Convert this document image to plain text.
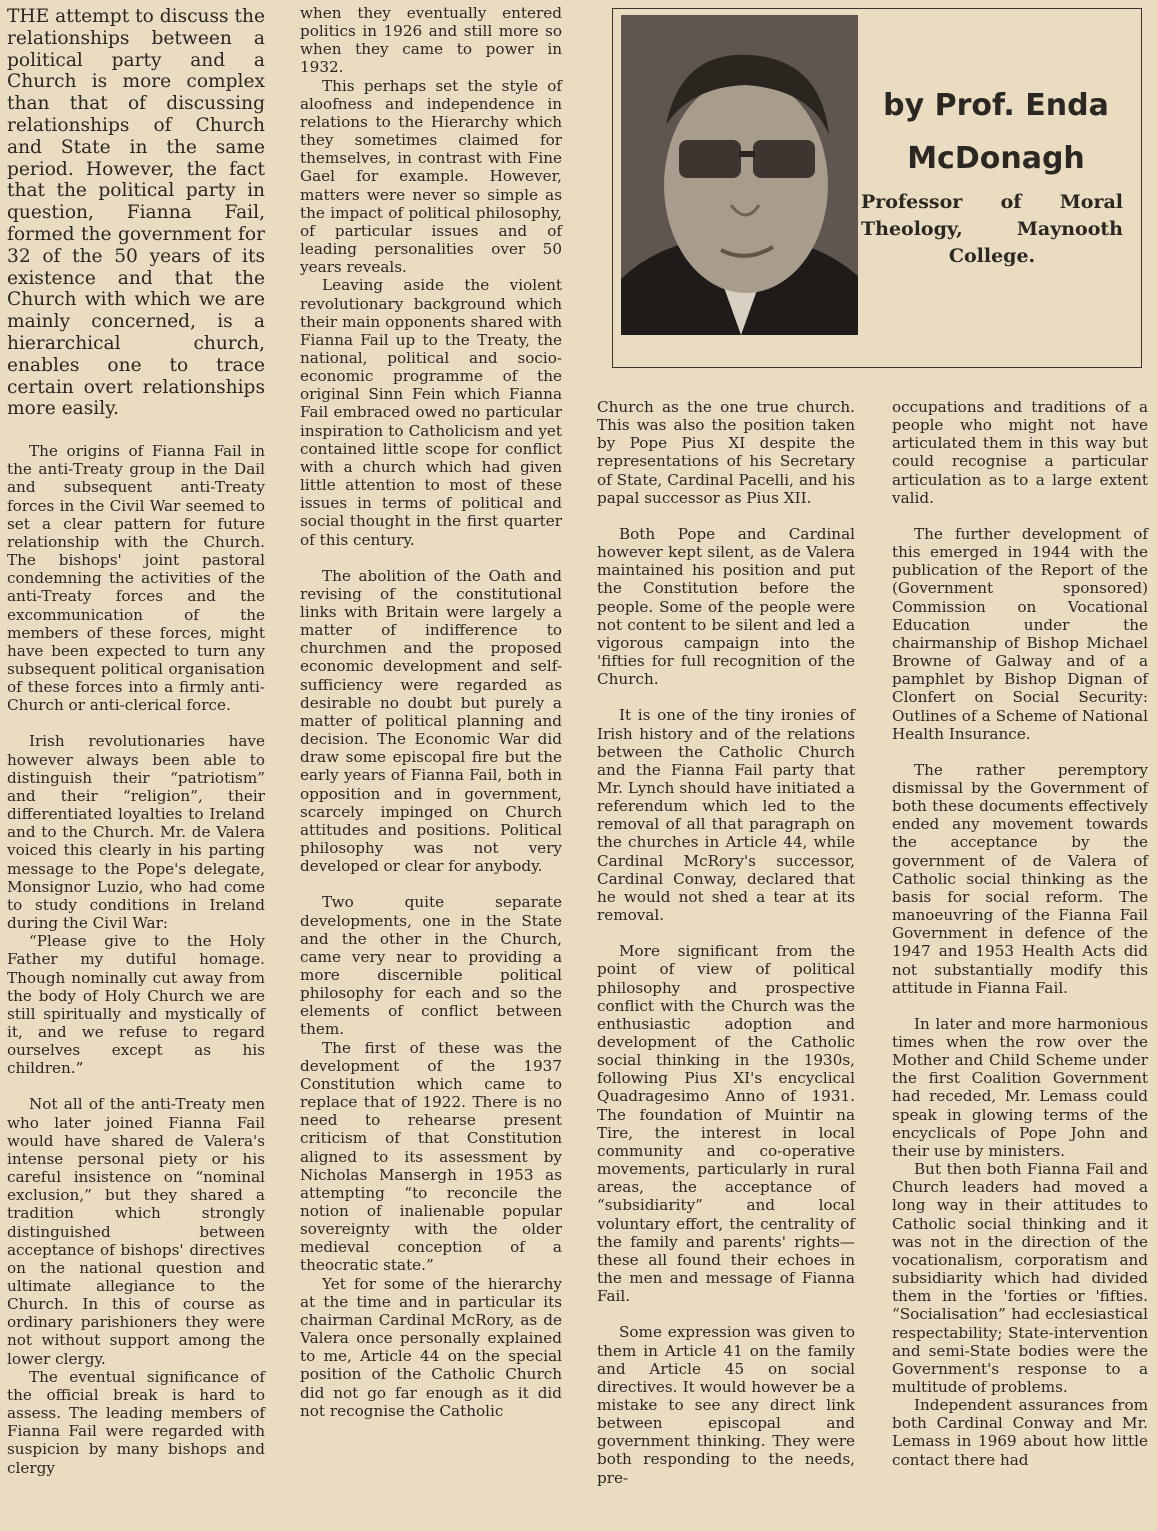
THE attempt to discuss the relationships between a political party and a Church is more complex than that of discussing relationships of Church and State in the same period. However, the fact that the political party in question, Fianna Fail, formed the government for 32 of the 50 years of its existence and that the Church with which we are mainly concerned, is a hierarchical church, enables one to trace certain overt relationships more easily.

The origins of Fianna Fail in the anti-Treaty group in the Dail and subsequent anti-Treaty forces in the Civil War seemed to set a clear pattern for future relationship with the Church. The bishops' joint pastoral condemning the activities of the anti-Treaty forces and the excommunication of the members of these forces, might have been expected to turn any subsequent political organisation of these forces into a firmly anti-Church or anti-clerical force.

Irish revolutionaries have however always been able to distinguish their “patriotism” and their “religion”, their differentiated loyalties to Ireland and to the Church. Mr. de Valera voiced this clearly in his parting message to the Pope's delegate, Monsignor Luzio, who had come to study conditions in Ireland during the Civil War:

“Please give to the Holy Father my dutiful homage. Though nominally cut away from the body of Holy Church we are still spiritually and mystically of it, and we refuse to regard ourselves except as his children.”

Not all of the anti-Treaty men who later joined Fianna Fail would have shared de Valera's intense personal piety or his careful insistence on “nominal exclusion,” but they shared a tradition which strongly distinguished between acceptance of bishops' directives on the national question and ultimate allegiance to the Church. In this of course as ordinary parishioners they were not without support among the lower clergy.

The eventual significance of the official break is hard to assess. The leading members of Fianna Fail were regarded with suspicion by many bishops and clergy

when they eventually entered politics in 1926 and still more so when they came to power in 1932.

This perhaps set the style of aloofness and independence in relations to the Hierarchy which they sometimes claimed for themselves, in contrast with Fine Gael for example. However, matters were never so simple as the impact of political philosophy, of particular issues and of leading personalities over 50 years reveals.

Leaving aside the violent revolutionary background which their main opponents shared with Fianna Fail up to the Treaty, the national, political and socio-economic programme of the original Sinn Fein which Fianna Fail embraced owed no particular inspiration to Catholicism and yet contained little scope for conflict with a church which had given little attention to most of these issues in terms of political and social thought in the first quarter of this century.

The abolition of the Oath and revising of the constitutional links with Britain were largely a matter of indifference to churchmen and the proposed economic development and self-sufficiency were regarded as desirable no doubt but purely a matter of political planning and decision. The Economic War did draw some episcopal fire but the early years of Fianna Fail, both in opposition and in government, scarcely impinged on Church attitudes and positions. Political philosophy was not very developed or clear for anybody.

Two quite separate developments, one in the State and the other in the Church, came very near to providing a more discernible political philosophy for each and so the elements of conflict between them.

The first of these was the development of the 1937 Constitution which came to replace that of 1922. There is no need to rehearse present criticism of that Constitution aligned to its assessment by Nicholas Mansergh in 1953 as attempting “to reconcile the notion of inalienable popular sovereignty with the older medieval conception of a theocratic state.”

Yet for some of the hierarchy at the time and in particular its chairman Cardinal McRory, as de Valera once personally explained to me, Article 44 on the special position of the Catholic Church did not go far enough as it did not recognise the Catholic

by Prof. Enda
McDonagh
Professor of Moral
Theology, Maynooth
College.

Church as the one true church. This was also the position taken by Pope Pius XI despite the representations of his Secretary of State, Cardinal Pacelli, and his papal successor as Pius XII.

Both Pope and Cardinal however kept silent, as de Valera maintained his position and put the Constitution before the people. Some of the people were not content to be silent and led a vigorous campaign into the 'fifties for full recognition of the Church.

It is one of the tiny ironies of Irish history and of the relations between the Catholic Church and the Fianna Fail party that Mr. Lynch should have initiated a referendum which led to the removal of all that paragraph on the churches in Article 44, while Cardinal McRory's successor, Cardinal Conway, declared that he would not shed a tear at its removal.

More significant from the point of view of political philosophy and prospective conflict with the Church was the enthusiastic adoption and development of the Catholic social thinking in the 1930s, following Pius XI's encyclical Quadragesimo Anno of 1931. The foundation of Muintir na Tire, the interest in local community and co-operative movements, particularly in rural areas, the acceptance of “subsidiarity” and local voluntary effort, the centrality of the family and parents' rights—these all found their echoes in the men and message of Fianna Fail.

Some expression was given to them in Article 41 on the family and Article 45 on social directives. It would however be a mistake to see any direct link between episcopal and government thinking. They were both responding to the needs, pre-

occupations and traditions of a people who might not have articulated them in this way but could recognise a particular articulation as to a large extent valid.

The further development of this emerged in 1944 with the publication of the Report of the (Government sponsored) Commission on Vocational Education under the chairmanship of Bishop Michael Browne of Galway and of a pamphlet by Bishop Dignan of Clonfert on Social Security: Outlines of a Scheme of National Health Insurance.

The rather peremptory dismissal by the Government of both these documents effectively ended any movement towards the acceptance by the government of de Valera of Catholic social thinking as the basis for social reform. The manoeuvring of the Fianna Fail Government in defence of the 1947 and 1953 Health Acts did not substantially modify this attitude in Fianna Fail.

In later and more harmonious times when the row over the Mother and Child Scheme under the first Coalition Government had receded, Mr. Lemass could speak in glowing terms of the encyclicals of Pope John and their use by ministers.

But then both Fianna Fail and Church leaders had moved a long way in their attitudes to Catholic social thinking and it was not in the direction of the vocationalism, corporatism and subsidiarity which had divided them in the 'forties or 'fifties. “Socialisation” had ecclesiastical respectability; State-intervention and semi-State bodies were the Government's response to a multitude of problems.

Independent assurances from both Cardinal Conway and Mr. Lemass in 1969 about how little contact there had
